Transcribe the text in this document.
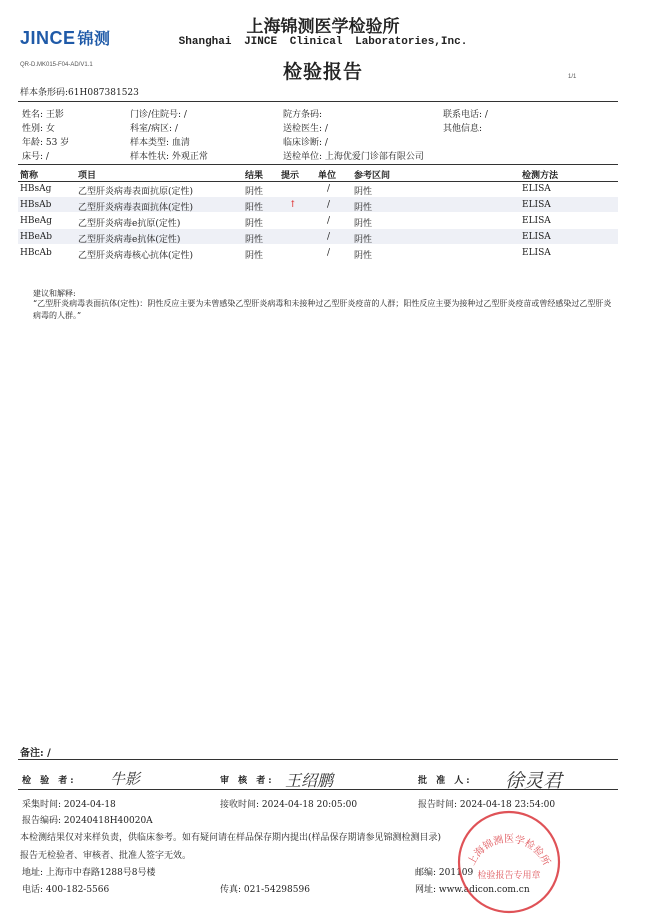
JINCE 锦测
上海锦测医学检验所
Shanghai JINCE Clinical Laboratories,Inc.
QR-D.MK015-F04-AD/V1.1	检验报告	1/1
样本条形码:61H087381523
姓名: 王影	门诊/住院号: /	院方条码:	联系电话: /
性别: 女	科室/病区: /	送检医生: /	其他信息:
年龄: 53 岁	样本类型: 血清	临床诊断: /
床号: /	样本性状: 外观正常	送检单位: 上海优爱门诊部有限公司
简称	项目	结果 提示 单位 参考区间	检测方法
HBsAg	乙型肝炎病毒表面抗原(定性)	阴性	/	阴性	ELISA
HBsAb	乙型肝炎病毒表面抗体(定性)	阳性	↑	/	阴性	ELISA
HBeAg	乙型肝炎病毒e抗原(定性)	阴性	/	阴性	ELISA
HBeAb	乙型肝炎病毒e抗体(定性)	阴性	/	阴性	ELISA
HBcAb	乙型肝炎病毒核心抗体(定性)	阴性	/	阴性	ELISA
建议和解释:
“乙型肝炎病毒表面抗体(定性)：阴性反应主要为未曾感染乙型肝炎病毒和未接种过乙型肝炎疫苗的人群；阳性反应主要为接种过乙型肝炎疫苗或曾经感染过乙型肝炎病毒的人群。”
备注: /
检 验 者: 牛影	审 核 者: 王绍鹏	批 准 人: 徐灵君
采集时间: 2024-04-18	接收时间: 2024-04-18 20:05:00	报告时间: 2024-04-18 23:54:00
报告编码: 20240418H40020A
本检测结果仅对来样负责，供临床参考。如有疑问请在样品保存期内提出(样品保存期请参见锦测检测目录)
报告无检验者、审核者、批准人签字无效。
地址: 上海市中春路1288号8号楼	邮编: 201109
电话: 400-182-5566	传真: 021-54298596	网址: www.adicon.com.cn
上海锦测医学检验所
检验报告专用章
